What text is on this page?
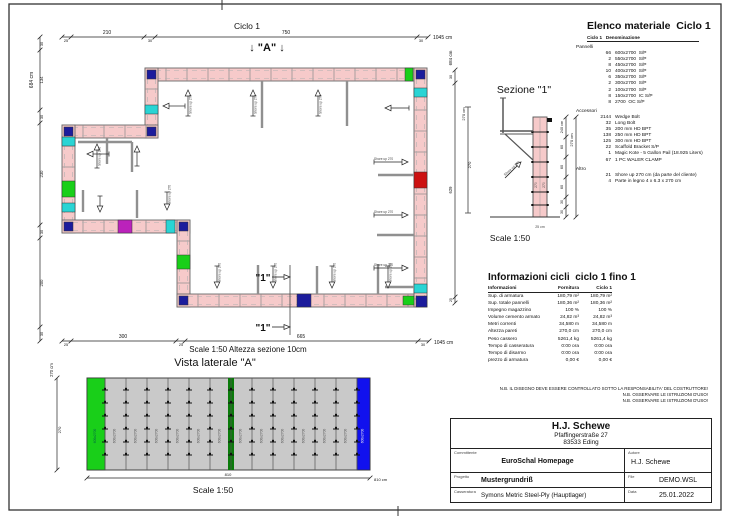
Shore up 270	Shore up 270	Shore up 270
Shore up 270
Shore up 270
Shore up 270	Shore up 270	Shore up 270	Shore up 270
Shore up 270
Shore up 270
Shore up 270
Ciclo 1
↓ "A" ↓
Scale 1:50 Altezza sezione 10cm
"1"
"1"
25
210
30
750
30 1045 cm
25
300
25
665
30 1045 cm
684 cm
30
134
30
230
30
200
30
684 cm
30
629
25
270 cm
270
Sezione "1"
Shore up 270
270 270
240 cm
60
60
60
30
30
270 cm
25 cm
Scale 1:50
Vista laterale "A"
600x2700	600x2700	600x2700	600x2700	600x2700	600x2700	600x2700	600x2700	600x2700	600x2700	600x2700	600x2700
600x2700	600x2700
270 cm
270
810
810 cm
Scale 1:50
Elenco materiale  Ciclo 1
Ciclo 1   Denominazione
Pannelli
66 600x2700  S/P
2 550x2700  S/P
8 450x2700  S/P
10 400x2700  S/P
6 350x2700  S/P
2 300x2700  S/P
2 100x2700  S/P
8 150x2700  IC S/P
8 2700  OC S/P
Accessori
2144 Wedge Bolt
32 Long Bolt
35 200 mm HD BPT
138 250 mm HD BPT
125 300 mm HD BPT
22 Scaffold Bracket S/P
1 Magic Kote - 5 Gallon Pail (18.925 Liters)
67 1 PC WALER CLAMP
Altro
21 Shore up 270 cm (da parte del cliente)
4 Parte in legno 4 x 6.3 x 270 cm
Informazioni cicli  ciclo 1 fino 1
Informazioni	Fornitura	Ciclo 1
Sup. di armatura	180,79 m²	180,79 m²
Sup. totale pannelli	180,36 m²	180,36 m²
Impegno magazzino	100 %	100 %
Volume cemento armato	24,82 m³	24,82 m³
Metri correnti	34,580 m	34,580 m
Altezza pareti	270,0 cm	270,0 cm
Peso cassero	5261,4 kg	5261,4 kg
Tempo di casseratura	0:00 ora	0:00 ora
Tempo di disarmo	0:00 ora	0:00 ora
prezzo di armatura	0,00 €	0,00 €
N.B. IL DISEGNO DEVE ESSERE CONTROLLATO SOTTO LA RESPONSABILITA' DEL COSTRUTTORE!
N.B. OSSERVARE LE ISTRUZIONI D'USO!
N.B. OSSERVARE LE ISTRUZIONI D'USO!
H.J. Schewe
Pfaffingerstraße 27
83533 Eding
Committente
EuroSchal Homepage
Autore
H.J. Schewe
Progetto	Mustergrundriß	File	DEMO.WSL
Casseratura Symons Metric Steel-Ply (Hauptlager)	Data	25.01.2022
